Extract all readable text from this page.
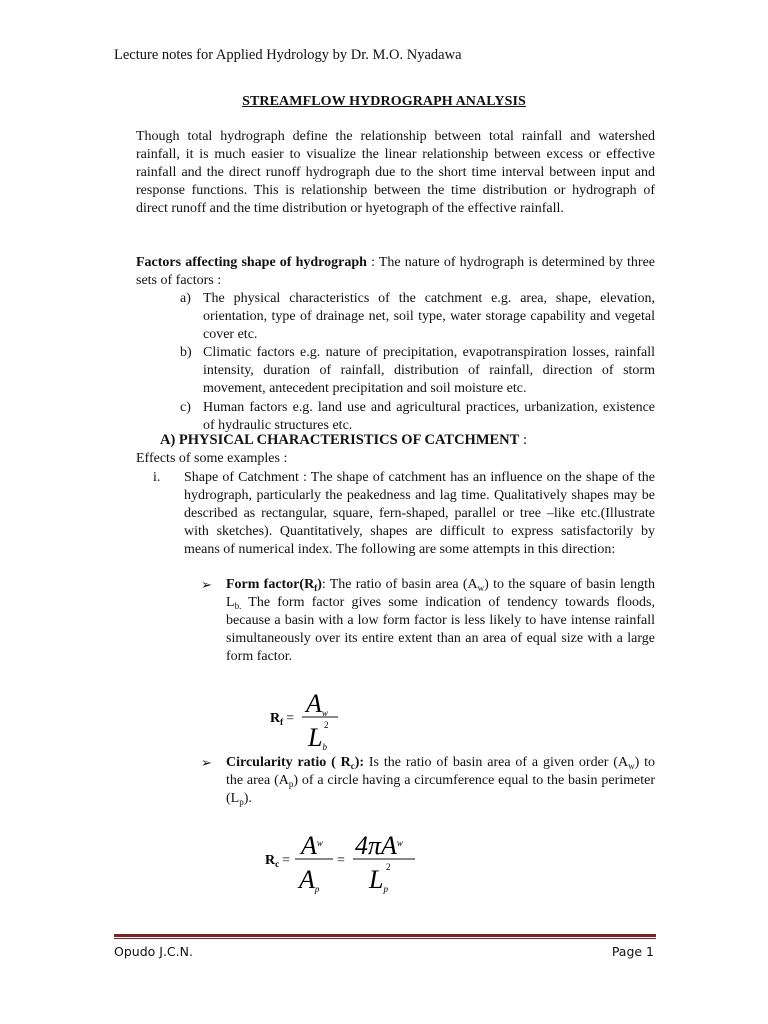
Lecture notes for Applied Hydrology by Dr. M.O. Nyadawa
STREAMFLOW HYDROGRAPH ANALYSIS
Though total hydrograph define the relationship between total rainfall and watershed rainfall, it is much easier to visualize the linear relationship between excess or effective rainfall and the direct runoff hydrograph due to the short time interval between input and response functions. This is relationship between the time distribution or hydrograph of direct runoff and the time distribution or hyetograph of the effective rainfall.
Factors affecting shape of hydrograph : The nature of hydrograph is determined by three sets of factors :
a) The physical characteristics of the catchment e.g. area, shape, elevation, orientation, type of drainage net, soil type, water storage capability and vegetal cover etc.
b) Climatic factors e.g. nature of precipitation, evapotranspiration losses, rainfall intensity, duration of rainfall, distribution of rainfall, direction of storm movement, antecedent precipitation and soil moisture etc.
c) Human factors e.g. land use and agricultural practices, urbanization, existence of hydraulic structures etc.
A) PHYSICAL CHARACTERISTICS OF CATCHMENT :
Effects of some examples :
i. Shape of Catchment : The shape of catchment has an influence on the shape of the hydrograph, particularly the peakedness and lag time. Qualitatively shapes may be described as rectangular, square, fern-shaped, parallel or tree –like etc.(Illustrate with sketches). Quantitatively, shapes are difficult to express satisfactorily by means of numerical index. The following are some attempts in this direction:
➢ Form $factor(R_f)$: The ratio of basin area $(A_w)$ to the square of basin length $L_{b.}$ The form factor gives some indication of tendency towards floods, because a basin with a low form factor is less likely to have intense rainfall simultaneously over its entire extent than an area of equal size with a large form factor.
$R_f$ =
Aw
Lb
2
➢ Circularity ratio ( $R_c$): Is the ratio of basin area of a given order $(A_w)$ to the area $(A_p)$ of a circle having a circumference equal to the basin perimeter $(L_p)$.
$R_c$ =
$A^w$
Ap
=
$4\pi A^w$
Lp
2
Opudo J.C.N.	Page 1
